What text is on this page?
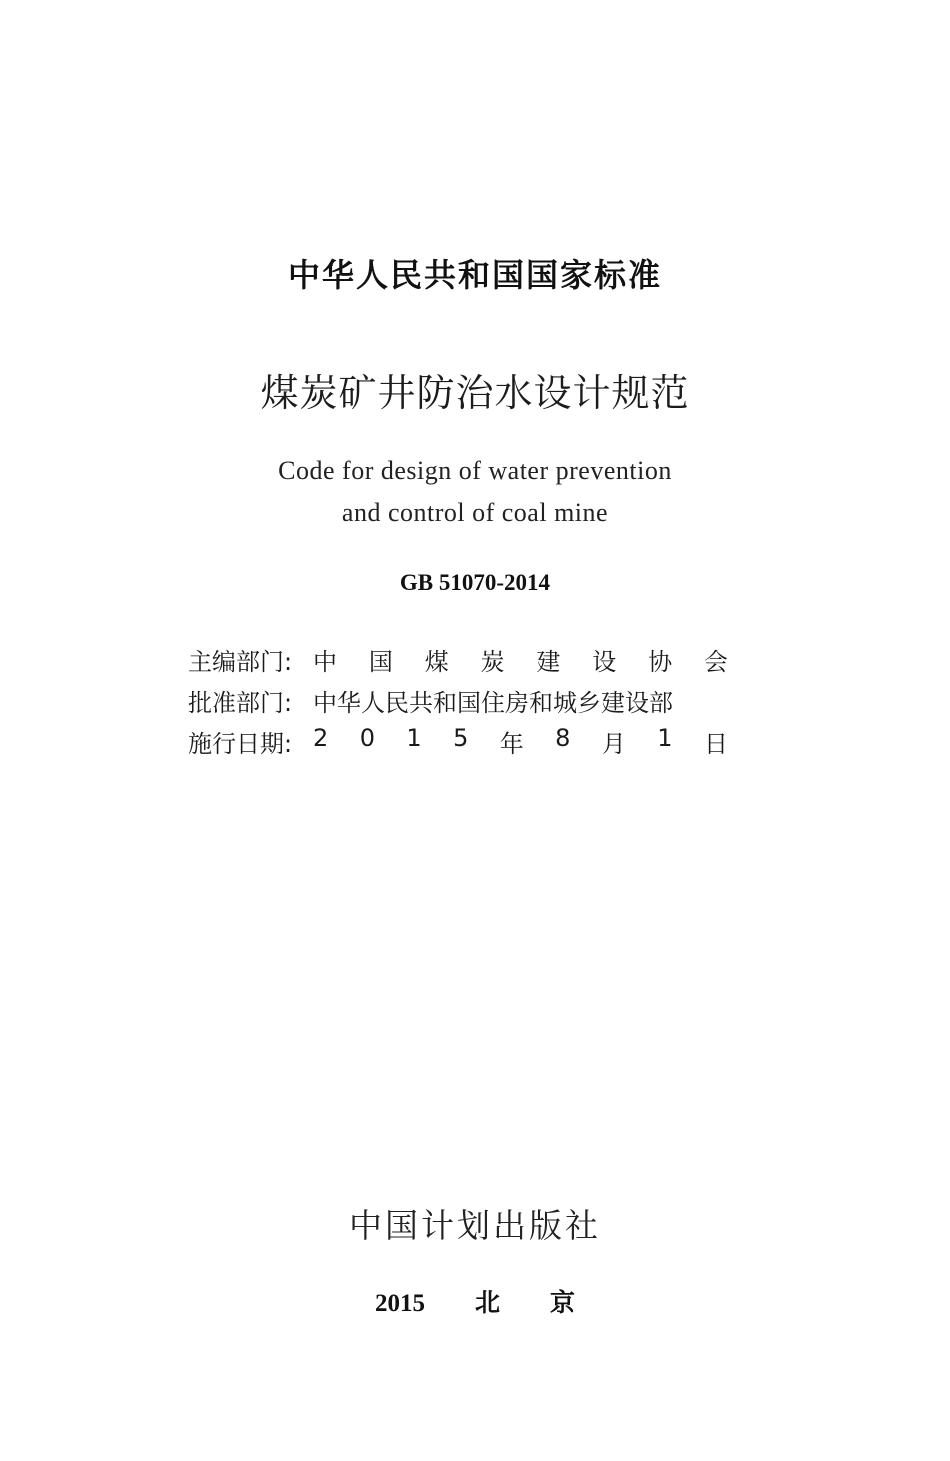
中华人民共和国国家标准
煤炭矿井防治水设计规范
Code for design of water prevention
and control of coal mine
GB 51070-2014
主编部门: 中 国 煤 炭 建 设 协 会
批准部门: 中华人民共和国住房和城乡建设部
施行日期: 2 0 1 5 年 8 月 1 日
中国计划出版社
2015 北 京
